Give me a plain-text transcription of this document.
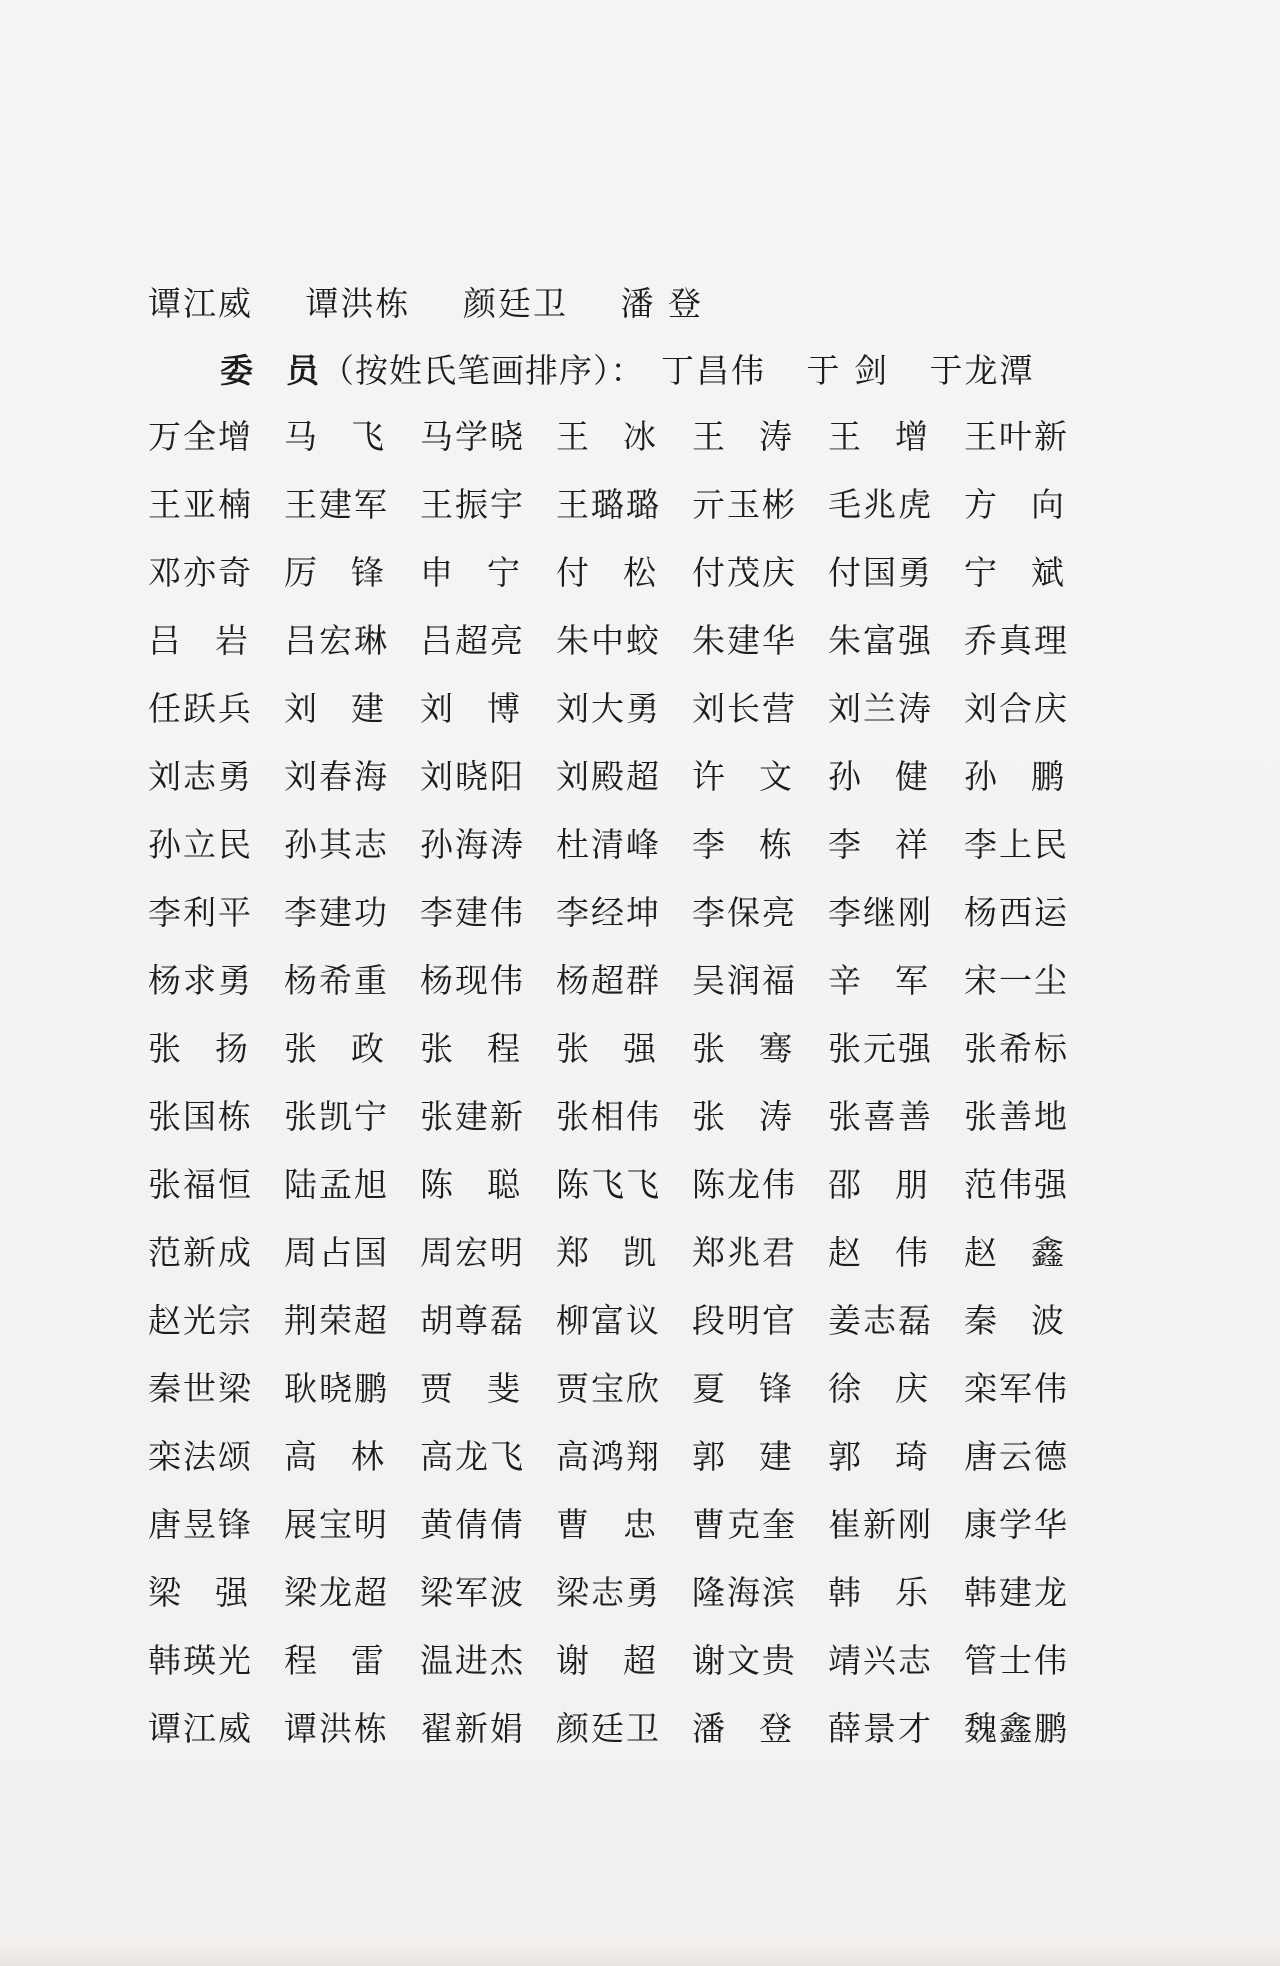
谭江威 谭洪栋 颜廷卫 潘 登
委　员（按姓氏笔画排序）： 丁昌伟 于 剑 于龙潭
万全增 马 飞	马学晓 王 冰	王 涛	王 增	王叶新
王亚楠 王建军 王振宇 王璐璐 亓玉彬 毛兆虎 方 向
邓亦奇 厉 锋	申 宁	付 松	付茂庆 付国勇 宁 斌
吕 岩	吕宏琳 吕超亮 朱中蛟 朱建华 朱富强 乔真理
任跃兵 刘 建	刘 博	刘大勇 刘长营 刘兰涛 刘合庆
刘志勇 刘春海 刘晓阳 刘殿超 许 文	孙 健	孙 鹏
孙立民 孙其志 孙海涛 杜清峰 李 栋	李 祥	李上民
李利平 李建功 李建伟 李经坤 李保亮 李继刚 杨西运
杨求勇 杨希重 杨现伟 杨超群 吴润福 辛 军	宋一尘
张 扬	张 政	张 程	张 强	张 骞	张元强 张希标
张国栋 张凯宁 张建新 张相伟 张 涛	张喜善 张善地
张福恒 陆孟旭 陈 聪	陈飞飞 陈龙伟 邵 朋	范伟强
范新成 周占国 周宏明 郑 凯	郑兆君 赵 伟	赵 鑫
赵光宗 荆荣超 胡尊磊 柳富议 段明官 姜志磊 秦 波
秦世梁 耿晓鹏 贾 斐	贾宝欣 夏 锋	徐 庆	栾军伟
栾法颂 高 林	高龙飞 高鸿翔 郭 建	郭 琦	唐云德
唐昱锋 展宝明 黄倩倩 曹 忠	曹克奎 崔新刚 康学华
梁 强	梁龙超 梁军波 梁志勇 隆海滨 韩 乐	韩建龙
韩瑛光 程 雷	温进杰 谢 超	谢文贵 靖兴志 管士伟
谭江威 谭洪栋 翟新娟 颜廷卫 潘 登	薛景才 魏鑫鹏
